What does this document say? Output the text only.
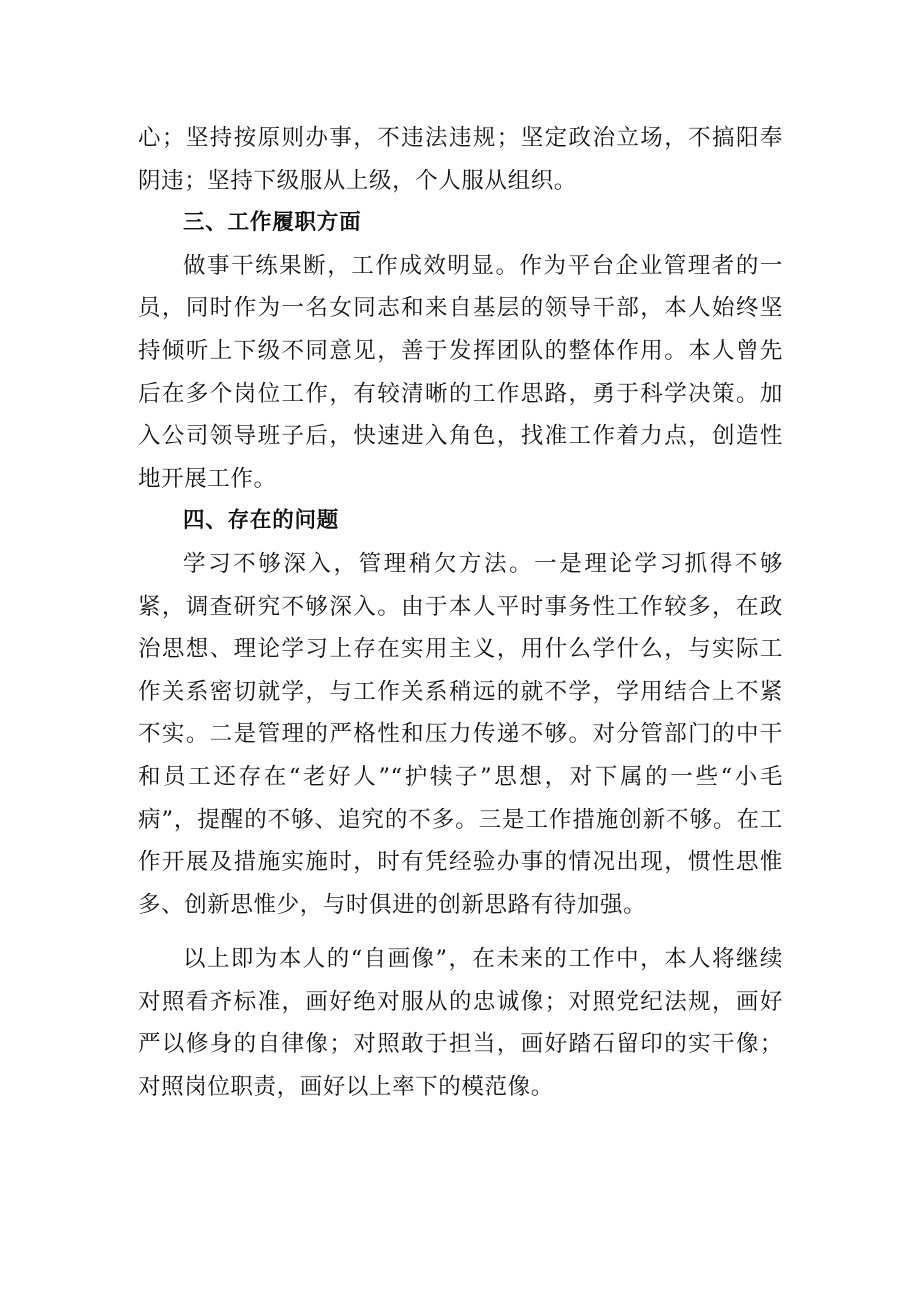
心；坚持按原则办事，不违法违规；坚定政治立场，不搞阳奉阴违；坚持下级服从上级，个人服从组织。

三、工作履职方面

做事干练果断，工作成效明显。作为平台企业管理者的一员，同时作为一名女同志和来自基层的领导干部，本人始终坚持倾听上下级不同意见，善于发挥团队的整体作用。本人曾先后在多个岗位工作，有较清晰的工作思路，勇于科学决策。加入公司领导班子后，快速进入角色，找准工作着力点，创造性地开展工作。

四、存在的问题

学习不够深入，管理稍欠方法。一是理论学习抓得不够紧，调查研究不够深入。由于本人平时事务性工作较多，在政治思想、理论学习上存在实用主义，用什么学什么，与实际工作关系密切就学，与工作关系稍远的就不学，学用结合上不紧不实。二是管理的严格性和压力传递不够。对分管部门的中干和员工还存在“老好人”“护犊子”思想，对下属的一些“小毛病”，提醒的不够、追究的不多。三是工作措施创新不够。在工作开展及措施实施时，时有凭经验办事的情况出现，惯性思惟多、创新思惟少，与时俱进的创新思路有待加强。

以上即为本人的“自画像”，在未来的工作中，本人将继续对照看齐标准，画好绝对服从的忠诚像；对照党纪法规，画好严以修身的自律像；对照敢于担当，画好踏石留印的实干像；对照岗位职责，画好以上率下的模范像。
